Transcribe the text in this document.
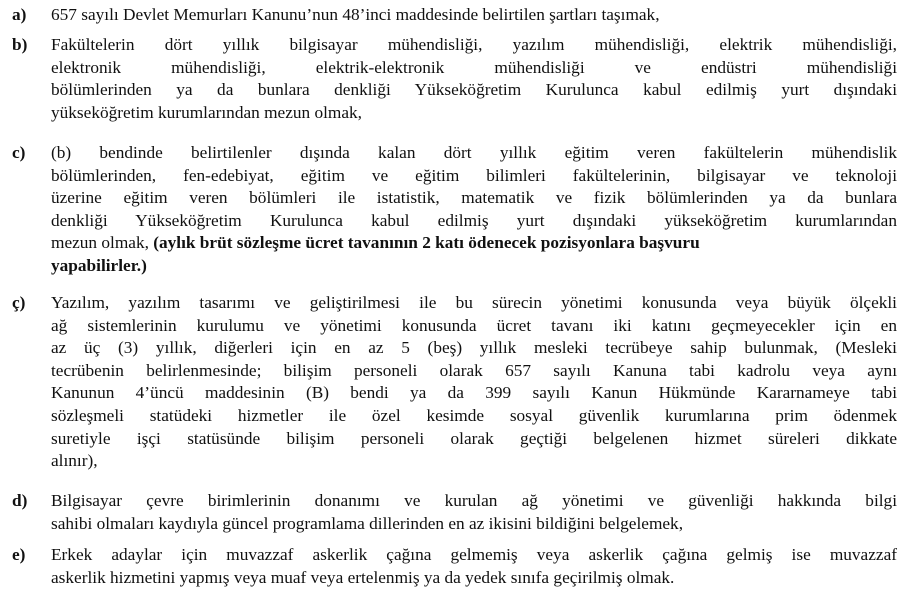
a)	657 sayılı Devlet Memurları Kanunu’nun 48’inci maddesinde belirtilen şartları taşımak,
b)	Fakültelerin dört yıllık bilgisayar mühendisliği, yazılım mühendisliği, elektrik mühendisliği,
elektronik mühendisliği, elektrik-elektronik mühendisliği ve endüstri mühendisliği
bölümlerinden ya da bunlara denkliği Yükseköğretim Kurulunca kabul edilmiş yurt dışındaki
yükseköğretim kurumlarından mezun olmak,
c)	(b) bendinde belirtilenler dışında kalan dört yıllık eğitim veren fakültelerin mühendislik
bölümlerinden, fen-edebiyat, eğitim ve eğitim bilimleri fakültelerinin, bilgisayar ve teknoloji
üzerine eğitim veren bölümleri ile istatistik, matematik ve fizik bölümlerinden ya da bunlara
denkliği Yükseköğretim Kurulunca kabul edilmiş yurt dışındaki yükseköğretim kurumlarından
mezun olmak, (aylık brüt sözleşme ücret tavanının 2 katı ödenecek pozisyonlara başvuru
yapabilirler.)
ç)	Yazılım, yazılım tasarımı ve geliştirilmesi ile bu sürecin yönetimi konusunda veya büyük ölçekli
ağ sistemlerinin kurulumu ve yönetimi konusunda ücret tavanı iki katını geçmeyecekler için en
az üç (3) yıllık, diğerleri için en az 5 (beş) yıllık mesleki tecrübeye sahip bulunmak, (Mesleki
tecrübenin belirlenmesinde; bilişim personeli olarak 657 sayılı Kanuna tabi kadrolu veya aynı
Kanunun 4’üncü maddesinin (B) bendi ya da 399 sayılı Kanun Hükmünde Kararnameye tabi
sözleşmeli statüdeki hizmetler ile özel kesimde sosyal güvenlik kurumlarına prim ödenmek
suretiyle işçi statüsünde bilişim personeli olarak geçtiği belgelenen hizmet süreleri dikkate
alınır),
d)	Bilgisayar çevre birimlerinin donanımı ve kurulan ağ yönetimi ve güvenliği hakkında bilgi
sahibi olmaları kaydıyla güncel programlama dillerinden en az ikisini bildiğini belgelemek,
e)	Erkek adaylar için muvazzaf askerlik çağına gelmemiş veya askerlik çağına gelmiş ise muvazzaf
askerlik hizmetini yapmış veya muaf veya ertelenmiş ya da yedek sınıfa geçirilmiş olmak.
